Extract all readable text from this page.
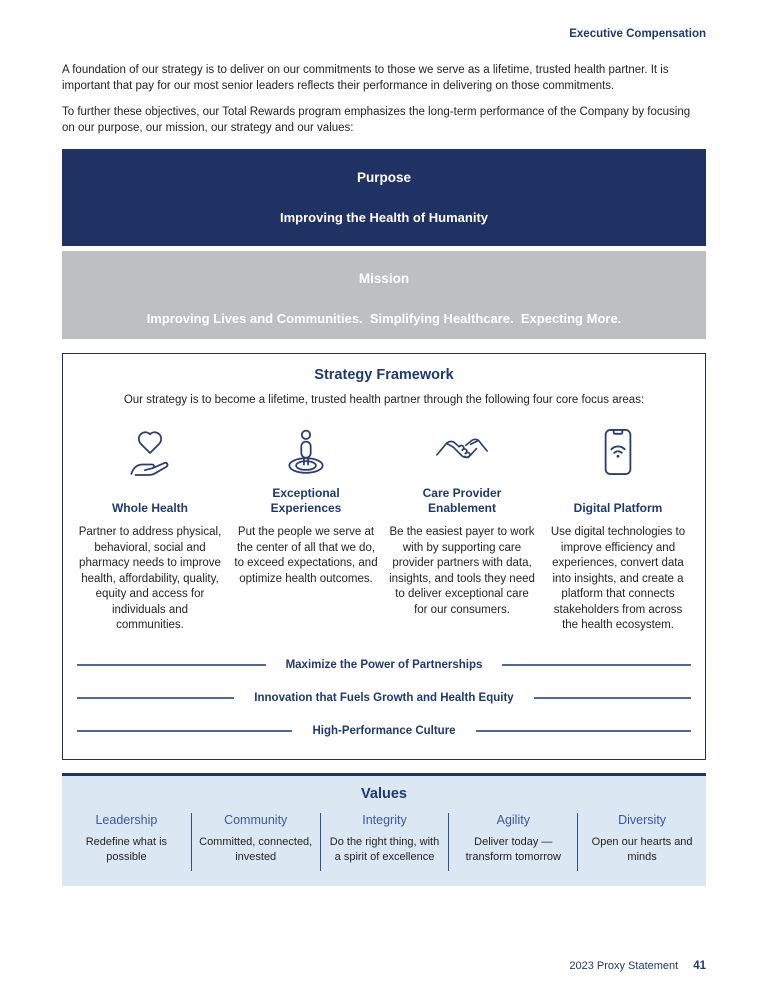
Executive Compensation

A foundation of our strategy is to deliver on our commitments to those we serve as a lifetime, trusted health partner. It is important that pay for our most senior leaders reflects their performance in delivering on those commitments.

To further these objectives, our Total Rewards program emphasizes the long-term performance of the Company by focusing on our purpose, our mission, our strategy and our values:

Purpose
Improving the Health of Humanity
Mission
Improving Lives and Communities.  Simplifying Healthcare.  Expecting More.
Strategy Framework
Our strategy is to become a lifetime, trusted health partner through the following four core focus areas:
Whole Health
Partner to address physical, behavioral, social and pharmacy needs to improve health, affordability, quality, equity and access for individuals and communities.
Exceptional Experiences
Put the people we serve at the center of all that we do, to exceed expectations, and optimize health outcomes.
Care Provider Enablement
Be the easiest payer to work with by supporting care provider partners with data, insights, and tools they need to deliver exceptional care for our consumers.
Digital Platform
Use digital technologies to improve efficiency and experiences, convert data into insights, and create a platform that connects stakeholders from across the health ecosystem.
Maximize the Power of Partnerships
Innovation that Fuels Growth and Health Equity
High-Performance Culture
Values
Leadership
Redefine what is possible
Community
Committed, connected, invested
Integrity
Do the right thing, with a spirit of excellence
Agility
Deliver today — transform tomorrow
Diversity
Open our hearts and minds
2023 Proxy Statement 41
